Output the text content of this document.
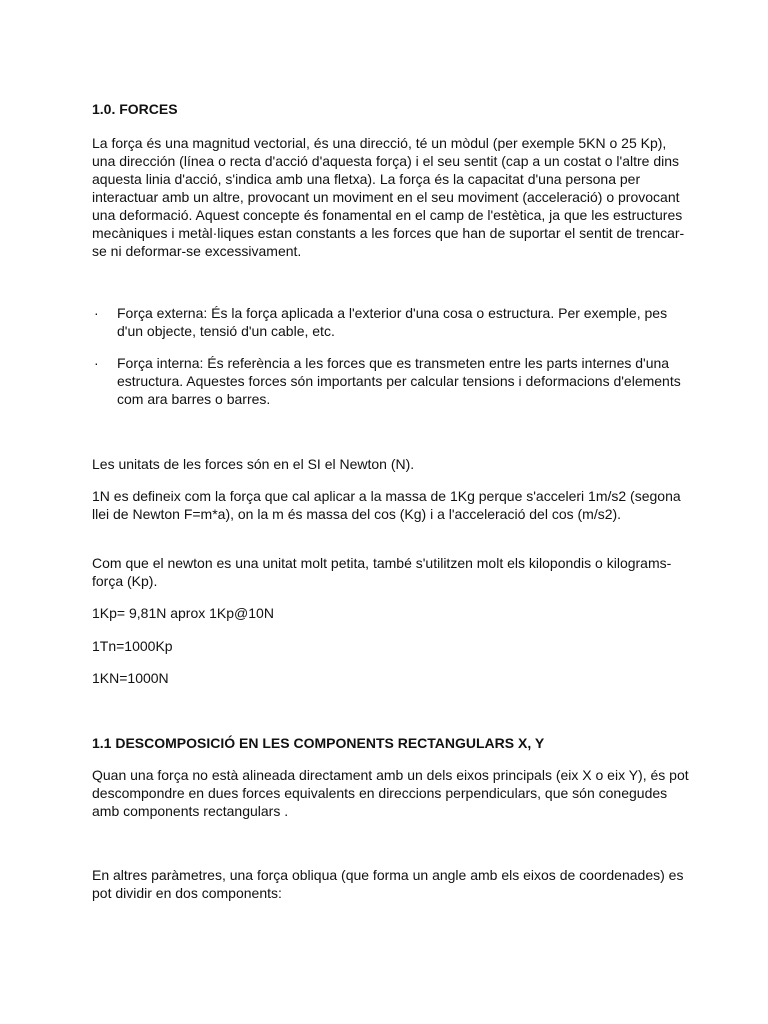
1.0. FORCES

La força és una magnitud vectorial, és una direcció, té un mòdul (per exemple 5KN o 25 Kp), una dirección (línea o recta d'acció d'aquesta força) i el seu sentit (cap a un costat o l'altre dins aquesta linia d'acció, s'indica amb una fletxa). La força és la capacitat d'una persona per interactuar amb un altre, provocant un moviment en el seu moviment (acceleració) o provocant una deformació. Aquest concepte és fonamental en el camp de l'estètica, ja que les estructures mecàniques i metàl·liques estan constants a les forces que han de suportar el sentit de trencar-se ni deformar-se excessivament.

·	Força externa: És la força aplicada a l'exterior d'una cosa o estructura. Per exemple, pes d'un objecte, tensió d'un cable, etc.
·	Força interna: És referència a les forces que es transmeten entre les parts internes d'una estructura. Aquestes forces són importants per calcular tensions i deformacions d'elements com ara barres o barres.

Les unitats de les forces són en el SI el Newton (N).

1N es defineix com la força que cal aplicar a la massa de 1Kg perque s'acceleri 1m/s2 (segona llei de Newton F=m*a), on la m és massa del cos (Kg) i a l'acceleració del cos (m/s2).

Com que el newton es una unitat molt petita, també s'utilitzen molt els kilopondis o kilograms-força (Kp).

1Kp= 9,81N aprox 1Kp@10N

1Tn=1000Kp

1KN=1000N

1.1 DESCOMPOSICIÓ EN LES COMPONENTS RECTANGULARS X, Y

Quan una força no està alineada directament amb un dels eixos principals (eix X o eix Y), és pot descompondre en dues forces equivalents en direccions perpendiculars, que són conegudes amb components rectangulars .

En altres paràmetres, una força obliqua (que forma un angle amb els eixos de coordenades) es pot dividir en dos components:
